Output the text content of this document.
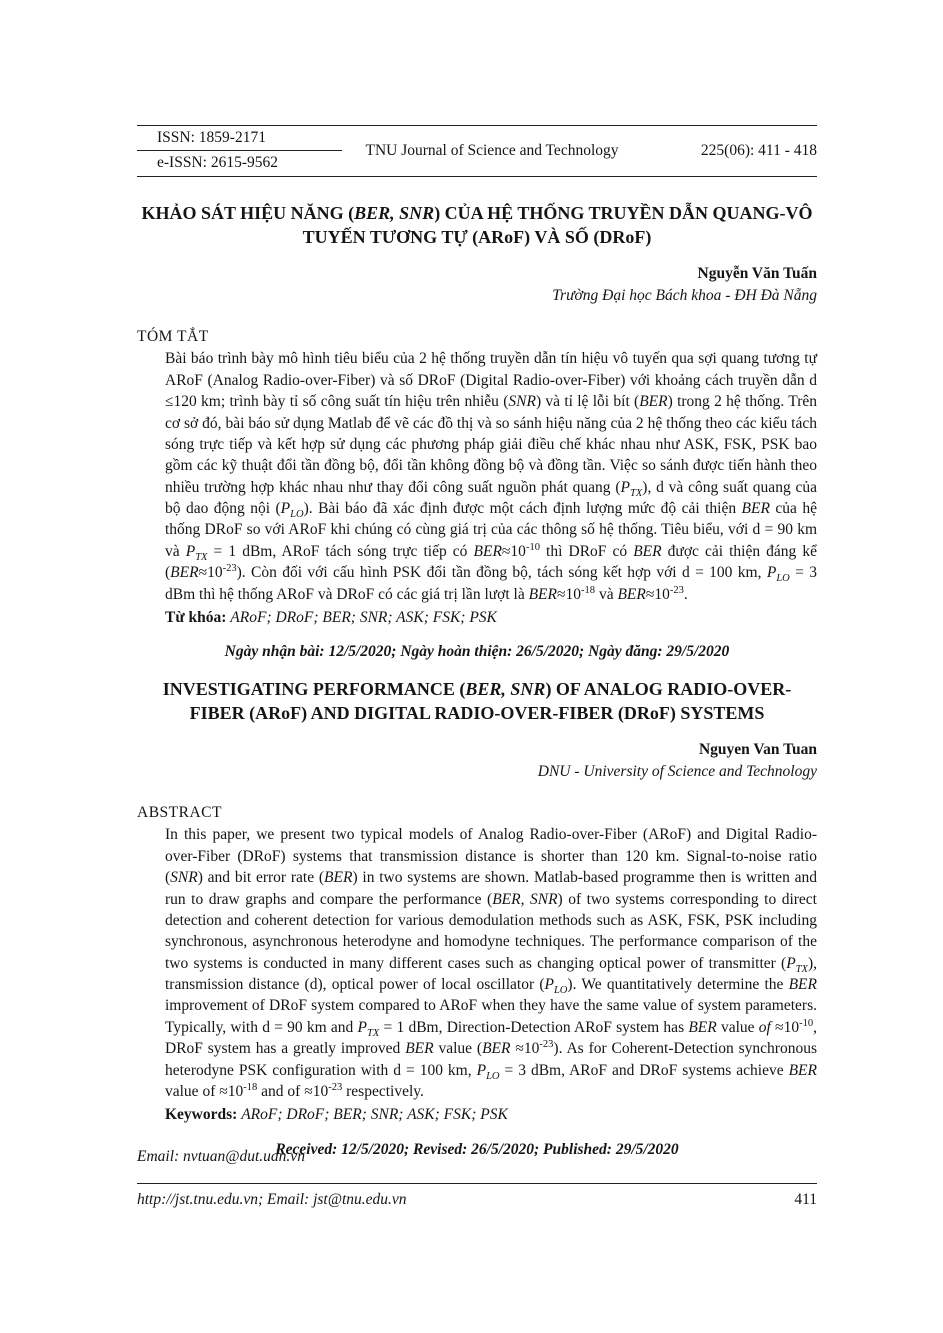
ISSN: 1859-2171
e-ISSN: 2615-9562
TNU Journal of Science and Technology	225(06): 411 - 418
KHẢO SÁT HIỆU NĂNG (BER, SNR) CỦA HỆ THỐNG TRUYỀN DẪN QUANG-VÔ TUYẾN TƯƠNG TỰ (ARoF) VÀ SỐ (DRoF)
Nguyễn Văn Tuấn
Trường Đại học Bách khoa - ĐH Đà Nẵng
TÓM TẮT

Bài báo trình bày mô hình tiêu biểu của 2 hệ thống truyền dẫn tín hiệu vô tuyến qua sợi quang tương tự ARoF (Analog Radio-over-Fiber) và số DRoF (Digital Radio-over-Fiber) với khoảng cách truyền dẫn d ≤120 km; trình bày tỉ số công suất tín hiệu trên nhiễu (SNR) và tỉ lệ lỗi bít (BER) trong 2 hệ thống. Trên cơ sở đó, bài báo sử dụng Matlab để vẽ các đồ thị và so sánh hiệu năng của 2 hệ thống theo các kiểu tách sóng trực tiếp và kết hợp sử dụng các phương pháp giải điều chế khác nhau như ASK, FSK, PSK bao gồm các kỹ thuật đổi tần đồng bộ, đổi tần không đồng bộ và đồng tần. Việc so sánh được tiến hành theo nhiều trường hợp khác nhau như thay đổi công suất nguồn phát quang $(P_{TX})$, d và công suất quang của bộ dao động nội $(P_{LO})$. Bài báo đã xác định được một cách định lượng mức độ cải thiện BER của hệ thống DRoF so với ARoF khi chúng có cùng giá trị của các thông số hệ thống. Tiêu biểu, với d = 90 km và $P_{TX} = 1$ dBm, ARoF tách sóng trực tiếp có $BER\approx 10^{-10}$ thì DRoF có BER được cải thiện đáng kể $(BER\approx 10^{-23})$. Còn đối với cấu hình PSK đổi tần đồng bộ, tách sóng kết hợp với d = 100 km, $P_{LO} = 3$ dBm thì hệ thống ARoF và DRoF có các giá trị lần lượt là $BER\approx 10^{-18}$ và $BER\approx 10^{-23}$.

Từ khóa: ARoF; DRoF; BER; SNR; ASK; FSK; PSK
Ngày nhận bài: 12/5/2020; Ngày hoàn thiện: 26/5/2020; Ngày đăng: 29/5/2020
INVESTIGATING PERFORMANCE (BER, SNR) OF ANALOG RADIO-OVER-FIBER (ARoF) AND DIGITAL RADIO-OVER-FIBER (DRoF) SYSTEMS
Nguyen Van Tuan
DNU - University of Science and Technology
ABSTRACT

In this paper, we present two typical models of Analog Radio-over-Fiber (ARoF) and Digital Radio-over-Fiber (DRoF) systems that transmission distance is shorter than 120 km. Signal-to-noise ratio (SNR) and bit error rate (BER) in two systems are shown. Matlab-based programme then is written and run to draw graphs and compare the performance (BER, SNR) of two systems corresponding to direct detection and coherent detection for various demodulation methods such as ASK, FSK, PSK including synchronous, asynchronous heterodyne and homodyne techniques. The performance comparison of the two systems is conducted in many different cases such as changing optical power of transmitter $(P_{TX})$, transmission distance (d), optical power of local oscillator $(P_{LO})$. We quantitatively determine the BER improvement of DRoF system compared to ARoF when they have the same value of system parameters. Typically, with d = 90 km and $P_{TX} = 1$ dBm, Direction-Detection ARoF system has BER value of $\approx 10^{-10}$, DRoF system has a greatly improved BER value $(BER \approx 10^{-23})$. As for Coherent-Detection synchronous heterodyne PSK configuration with d = 100 km, $P_{LO} = 3$ dBm, ARoF and DRoF systems achieve BER value of $\approx 10^{-18}$ and of $\approx 10^{-23}$ respectively.

Keywords: ARoF; DRoF; BER; SNR; ASK; FSK; PSK
Received: 12/5/2020; Revised: 26/5/2020; Published: 29/5/2020
Email: nvtuan@dut.udn.vn
http://jst.tnu.edu.vn; Email: jst@tnu.edu.vn	411
